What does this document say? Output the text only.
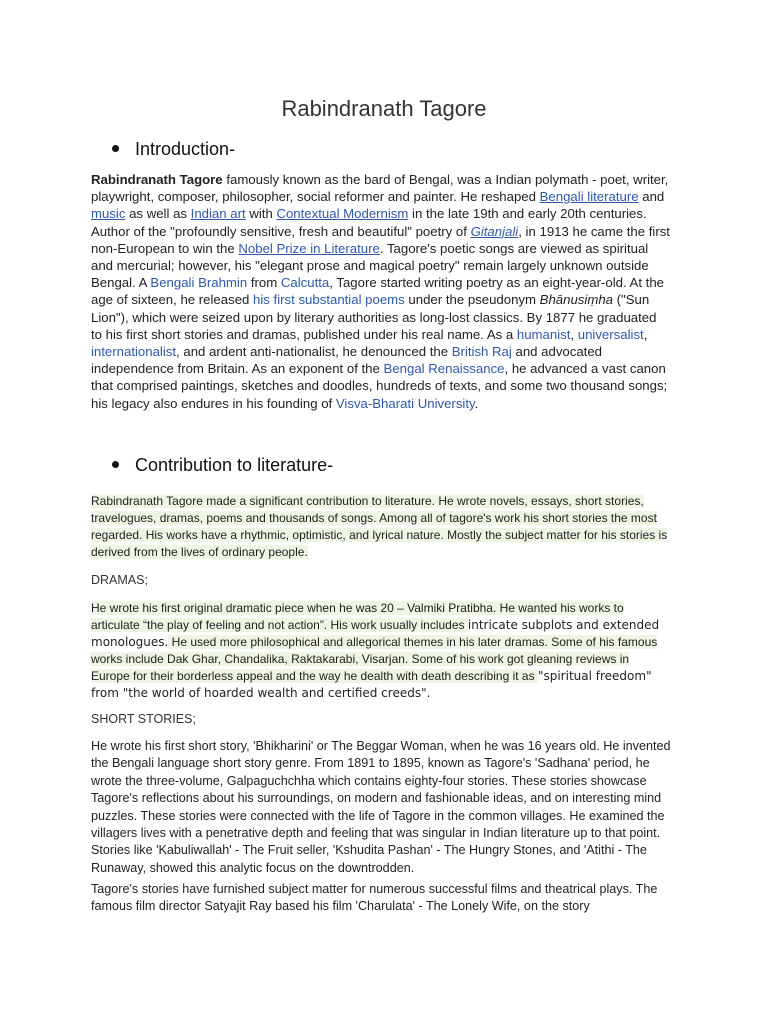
Rabindranath Tagore
Introduction-

Rabindranath Tagore famously known as the bard of Bengal, was a Indian polymath - poet, writer, playwright, composer, philosopher, social reformer and painter. He reshaped Bengali literature and music as well as Indian art with Contextual Modernism in the late 19th and early 20th centuries. Author of the "profoundly sensitive, fresh and beautiful" poetry of Gitanjali, in 1913 he came the first non-European to win the Nobel Prize in Literature. Tagore's poetic songs are viewed as spiritual and mercurial; however, his "elegant prose and magical poetry" remain largely unknown outside Bengal. A Bengali Brahmin from Calcutta, Tagore started writing poetry as an eight-year-old. At the age of sixteen, he released his first substantial poems under the pseudonym Bhānusiṃha ("Sun Lion"), which were seized upon by literary authorities as long-lost classics. By 1877 he graduated to his first short stories and dramas, published under his real name. As a humanist, universalist, internationalist, and ardent anti-nationalist, he denounced the British Raj and advocated independence from Britain. As an exponent of the Bengal Renaissance, he advanced a vast canon that comprised paintings, sketches and doodles, hundreds of texts, and some two thousand songs; his legacy also endures in his founding of Visva-Bharati University.

Contribution to literature-

Rabindranath Tagore made a significant contribution to literature. He wrote novels, essays, short stories, travelogues, dramas, poems and thousands of songs. Among all of tagore's work his short stories the most regarded. His works have a rhythmic, optimistic, and lyrical nature. Mostly the subject matter for his stories is derived from the lives of ordinary people.

DRAMAS;

He wrote his first original dramatic piece when he was 20 – Valmiki Pratibha. He wanted his works to articulate “the play of feeling and not action”. His work usually includes intricate subplots and extended monologues. He used more philosophical and allegorical themes in his later dramas. Some of his famous works include Dak Ghar, Chandalika, Raktakarabi, Visarjan. Some of his work got gleaning reviews in Europe for their borderless appeal and the way he dealth with death describing it as "spiritual freedom" from "the world of hoarded wealth and certified creeds".

SHORT STORIES;

He wrote his first short story, 'Bhikharini' or The Beggar Woman, when he was 16 years old. He invented the Bengali language short story genre. From 1891 to 1895, known as Tagore's 'Sadhana' period, he wrote the three-volume, Galpaguchchha which contains eighty-four stories. These stories showcase Tagore's reflections about his surroundings, on modern and fashionable ideas, and on interesting mind puzzles. These stories were connected with the life of Tagore in the common villages. He examined the villagers lives with a penetrative depth and feeling that was singular in Indian literature up to that point. Stories like 'Kabuliwallah' - The Fruit seller, 'Kshudita Pashan' - The Hungry Stones, and 'Atithi - The Runaway, showed this analytic focus on the downtrodden.

Tagore's stories have furnished subject matter for numerous successful films and theatrical plays. The famous film director Satyajit Ray based his film 'Charulata' - The Lonely Wife, on the story
